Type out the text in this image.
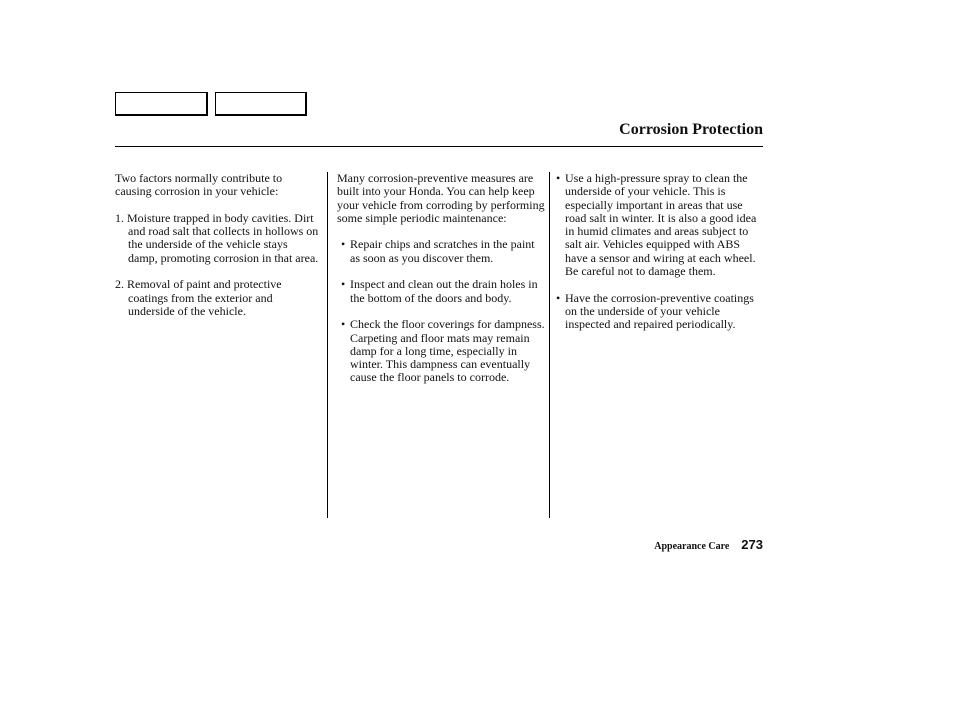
Corrosion Protection

Two factors normally contribute to causing corrosion in your vehicle:

1. Moisture trapped in body cavities. Dirt and road salt that collects in hollows on the underside of the vehicle stays damp, promoting corrosion in that area.

2. Removal of paint and protective coatings from the exterior and underside of the vehicle.

Many corrosion-preventive measures are built into your Honda. You can help keep your vehicle from corroding by performing some simple periodic maintenance:

• Repair chips and scratches in the paint as soon as you discover them.

• Inspect and clean out the drain holes in the bottom of the doors and body.

• Check the floor coverings for dampness. Carpeting and floor mats may remain damp for a long time, especially in winter. This dampness can eventually cause the floor panels to corrode.

• Use a high-pressure spray to clean the underside of your vehicle. This is especially important in areas that use road salt in winter. It is also a good idea in humid climates and areas subject to salt air. Vehicles equipped with ABS have a sensor and wiring at each wheel. Be careful not to damage them.

• Have the corrosion-preventive coatings on the underside of your vehicle inspected and repaired periodically.

Appearance Care 273
